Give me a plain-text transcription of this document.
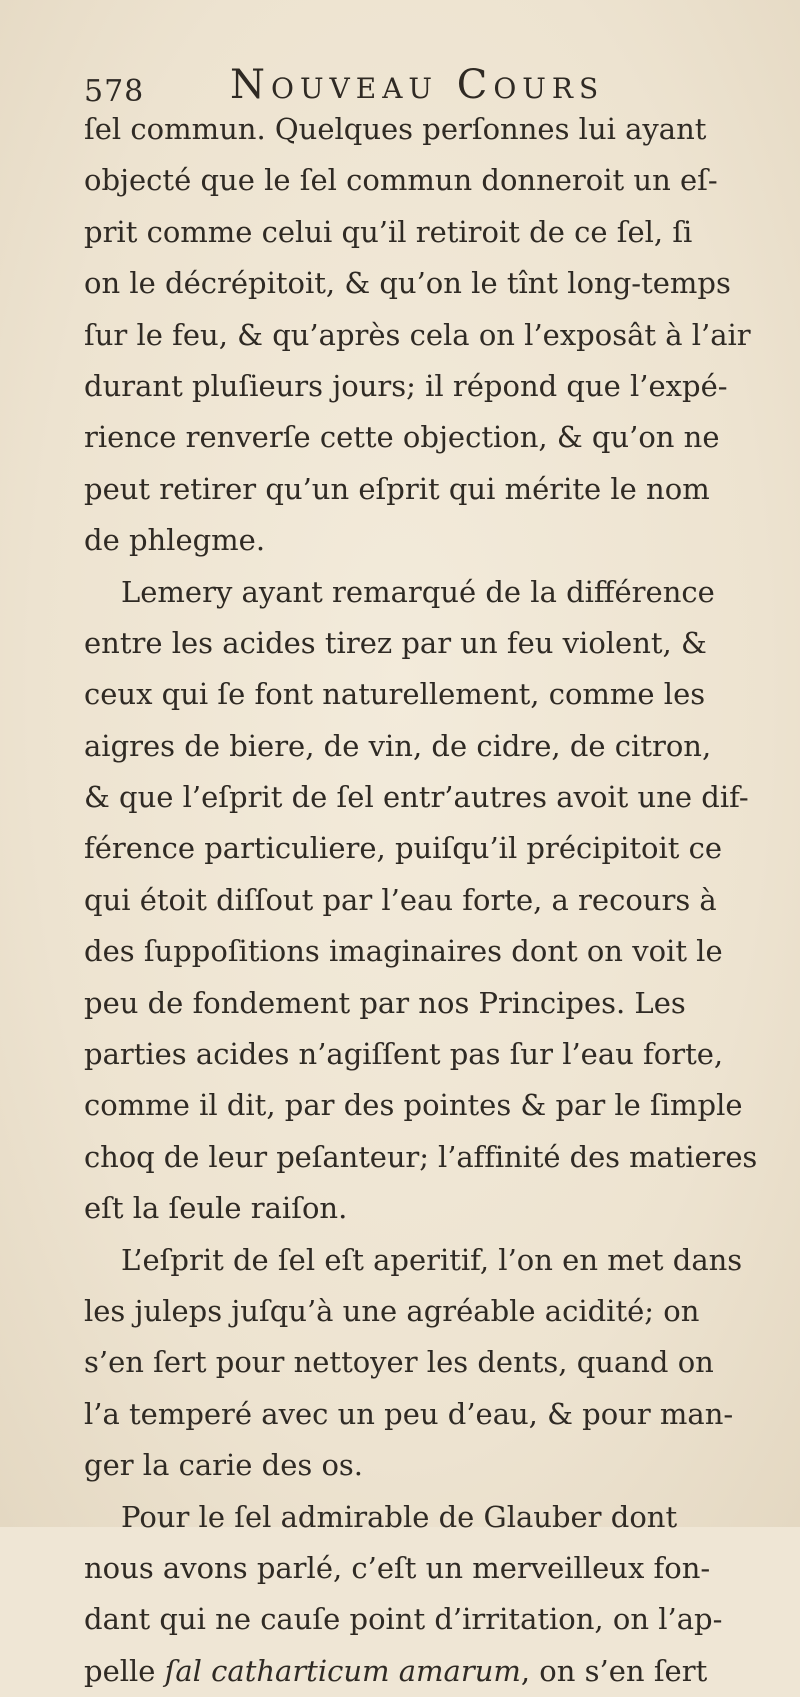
578 Nouveau Cours
ſel commun. Quelques perſonnes lui ayant
objecté que le ſel commun donneroit un eſ-
prit comme celui qu’il retiroit de ce ſel, ſi
on le décrépitoit, & qu’on le tînt long-temps
ſur le feu, & qu’après cela on l’exposât à l’air
durant pluſieurs jours; il répond que l’expé-
rience renverſe cette objection, & qu’on ne
peut retirer qu’un eſprit qui mérite le nom
de phlegme.
Lemery ayant remarqué de la différence
entre les acides tirez par un feu violent, &
ceux qui ſe font naturellement, comme les
aigres de biere, de vin, de cidre, de citron,
& que l’eſprit de ſel entr’autres avoit une dif-
férence particuliere, puiſqu’il précipitoit ce
qui étoit diſſout par l’eau forte, a recours à
des ſuppoſitions imaginaires dont on voit le
peu de fondement par nos Principes. Les
parties acides n’agiſſent pas ſur l’eau forte,
comme il dit, par des pointes & par le ſimple
choq de leur peſanteur; l’affinité des matieres
eſt la ſeule raiſon.
L’eſprit de ſel eſt aperitif, l’on en met dans
les juleps juſqu’à une agréable acidité; on
s’en ſert pour nettoyer les dents, quand on
l’a temperé avec un peu d’eau, & pour man-
ger la carie des os.
Pour le ſel admirable de Glauber dont
nous avons parlé, c’eſt un merveilleux fon-
dant qui ne cauſe point d’irritation, on l’ap-
pelle ſal catharticum amarum, on s’en ſert
